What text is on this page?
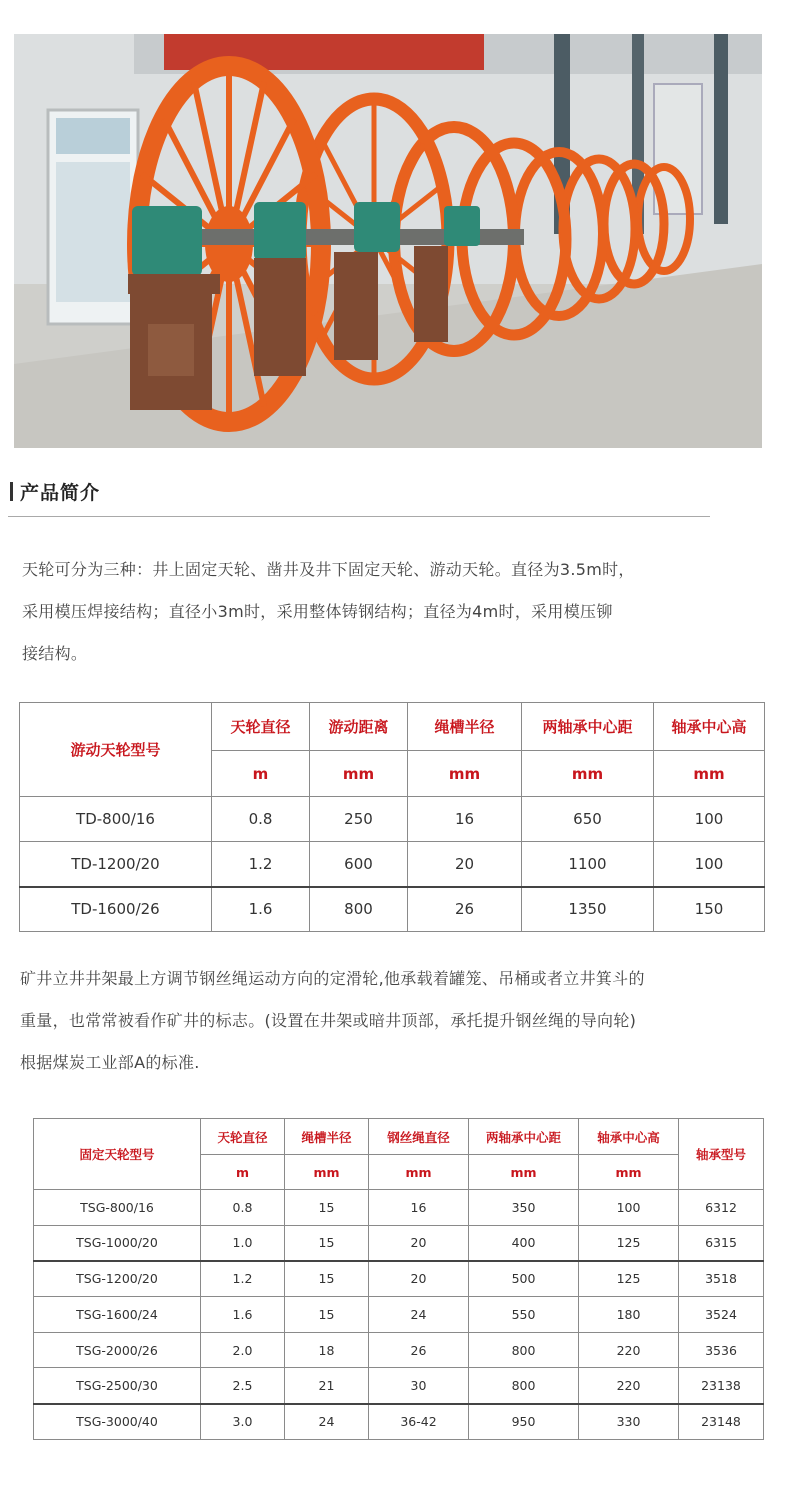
产品简介

天轮可分为三种：井上固定天轮、凿井及井下固定天轮、游动天轮。直径为3.5m时，

采用模压焊接结构；直径小3m时，采用整体铸钢结构；直径为4m时，采用模压铆

接结构。

游动天轮型号	天轮直径	游动距离	绳槽半径	两轴承中心距	轴承中心高
	m	mm	mm	mm	mm
TD-800/16	0.8	250	16	650	100
TD-1200/20	1.2	600	20	1100	100
TD-1600/26	1.6	800	26	1350	150

矿井立井井架最上方调节钢丝绳运动方向的定滑轮,他承载着罐笼、吊桶或者立井箕斗的

重量，也常常被看作矿井的标志。(设置在井架或暗井顶部，承托提升钢丝绳的导向轮)

根据煤炭工业部A的标准.

固定天轮型号	天轮直径	绳槽半径	钢丝绳直径	两轴承中心距	轴承中心高	轴承型号
	m	mm	mm	mm	mm	
TSG-800/16	0.8	15	16	350	100	6312
TSG-1000/20	1.0	15	20	400	125	6315
TSG-1200/20	1.2	15	20	500	125	3518
TSG-1600/24	1.6	15	24	550	180	3524
TSG-2000/26	2.0	18	26	800	220	3536
TSG-2500/30	2.5	21	30	800	220	23138
TSG-3000/40	3.0	24	36-42	950	330	23148
